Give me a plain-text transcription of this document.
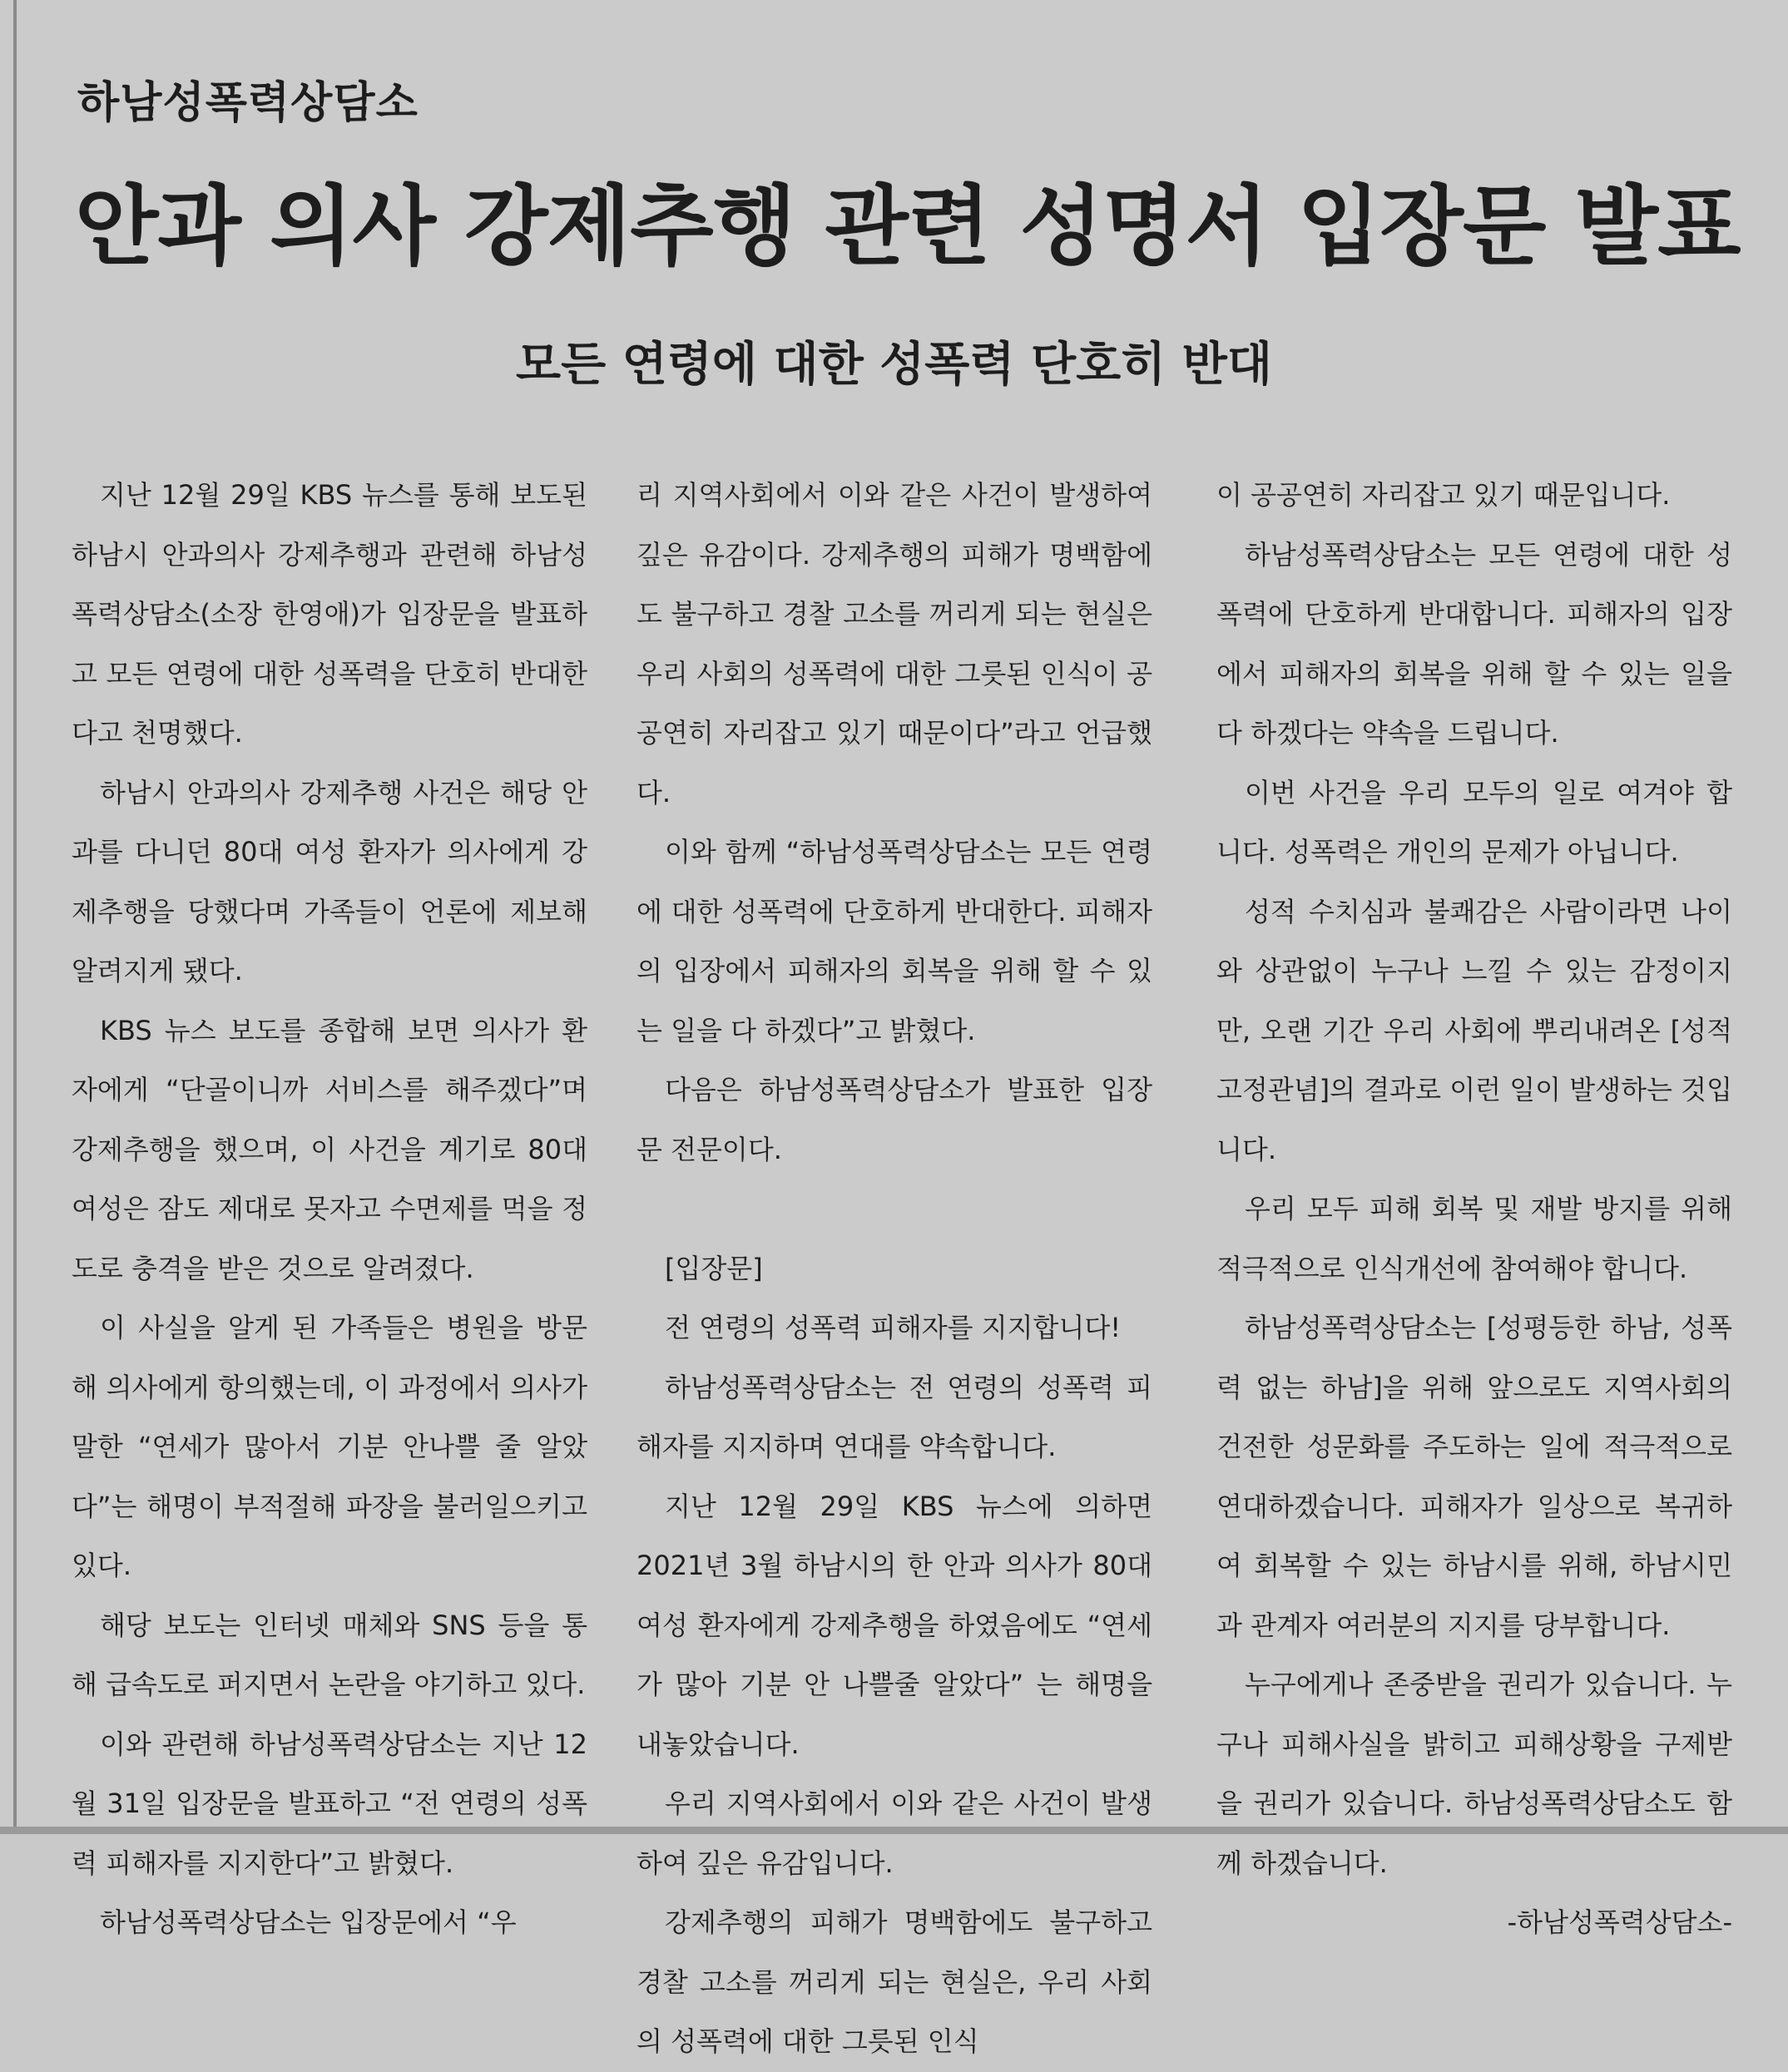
하남성폭력상담소
안과 의사 강제추행 관련 성명서 입장문 발표
모든 연령에 대한 성폭력 단호히 반대

지난 12월 29일 KBS 뉴스를 통해 보도된 하남시 안과의사 강제추행과 관련해 하남성폭력상담소(소장 한영애)가 입장문을 발표하고 모든 연령에 대한 성폭력을 단호히 반대한다고 천명했다.

하남시 안과의사 강제추행 사건은 해당 안과를 다니던 80대 여성 환자가 의사에게 강제추행을 당했다며 가족들이 언론에 제보해 알려지게 됐다.

KBS 뉴스 보도를 종합해 보면 의사가 환자에게 “단골이니까 서비스를 해주겠다”며 강제추행을 했으며, 이 사건을 계기로 80대 여성은 잠도 제대로 못자고 수면제를 먹을 정도로 충격을 받은 것으로 알려졌다.

이 사실을 알게 된 가족들은 병원을 방문해 의사에게 항의했는데, 이 과정에서 의사가 말한 “연세가 많아서 기분 안나쁠 줄 알았다”는 해명이 부적절해 파장을 불러일으키고 있다.

해당 보도는 인터넷 매체와 SNS 등을 통해 급속도로 퍼지면서 논란을 야기하고 있다.

이와 관련해 하남성폭력상담소는 지난 12월 31일 입장문을 발표하고 “전 연령의 성폭력 피해자를 지지한다”고 밝혔다.

하남성폭력상담소는 입장문에서 “우

리 지역사회에서 이와 같은 사건이 발생하여 깊은 유감이다. 강제추행의 피해가 명백함에도 불구하고 경찰 고소를 꺼리게 되는 현실은 우리 사회의 성폭력에 대한 그릇된 인식이 공공연히 자리잡고 있기 때문이다”라고 언급했다.

이와 함께 “하남성폭력상담소는 모든 연령에 대한 성폭력에 단호하게 반대한다. 피해자의 입장에서 피해자의 회복을 위해 할 수 있는 일을 다 하겠다”고 밝혔다.

다음은 하남성폭력상담소가 발표한 입장문 전문이다.

[입장문]

전 연령의 성폭력 피해자를 지지합니다!

하남성폭력상담소는 전 연령의 성폭력 피해자를 지지하며 연대를 약속합니다.

지난 12월 29일 KBS 뉴스에 의하면 2021년 3월 하남시의 한 안과 의사가 80대 여성 환자에게 강제추행을 하였음에도 “연세가 많아 기분 안 나쁠줄 알았다” 는 해명을 내놓았습니다.

우리 지역사회에서 이와 같은 사건이 발생하여 깊은 유감입니다.

강제추행의 피해가 명백함에도 불구하고 경찰 고소를 꺼리게 되는 현실은, 우리 사회의 성폭력에 대한 그릇된 인식

이 공공연히 자리잡고 있기 때문입니다.

하남성폭력상담소는 모든 연령에 대한 성폭력에 단호하게 반대합니다. 피해자의 입장에서 피해자의 회복을 위해 할 수 있는 일을 다 하겠다는 약속을 드립니다.

이번 사건을 우리 모두의 일로 여겨야 합니다. 성폭력은 개인의 문제가 아닙니다.

성적 수치심과 불쾌감은 사람이라면 나이와 상관없이 누구나 느낄 수 있는 감정이지만, 오랜 기간 우리 사회에 뿌리내려온 [성적 고정관념]의 결과로 이런 일이 발생하는 것입니다.

우리 모두 피해 회복 및 재발 방지를 위해 적극적으로 인식개선에 참여해야 합니다.

하남성폭력상담소는 [성평등한 하남, 성폭력 없는 하남]을 위해 앞으로도 지역사회의 건전한 성문화를 주도하는 일에 적극적으로 연대하겠습니다. 피해자가 일상으로 복귀하여 회복할 수 있는 하남시를 위해, 하남시민과 관계자 여러분의 지지를 당부합니다.

누구에게나 존중받을 권리가 있습니다. 누구나 피해사실을 밝히고 피해상황을 구제받을 권리가 있습니다. 하남성폭력상담소도 함께 하겠습니다.

-하남성폭력상담소-
